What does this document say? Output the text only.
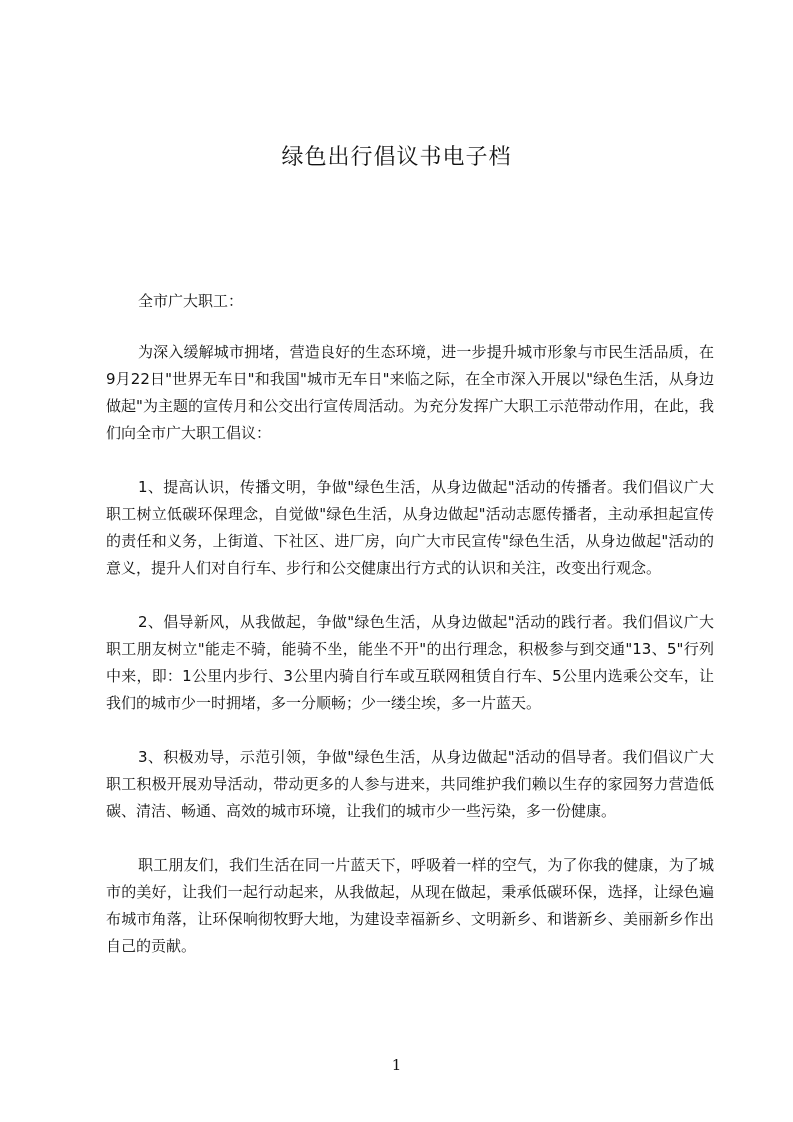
绿色出行倡议书电子档

全市广大职工：

为深入缓解城市拥堵，营造良好的生态环境，进一步提升城市形象与市民生活品质，在9月22日"世界无车日"和我国"城市无车日"来临之际，在全市深入开展以"绿色生活，从身边做起"为主题的宣传月和公交出行宣传周活动。为充分发挥广大职工示范带动作用，在此，我们向全市广大职工倡议：

1、提高认识，传播文明，争做"绿色生活，从身边做起"活动的传播者。我们倡议广大职工树立低碳环保理念，自觉做"绿色生活，从身边做起"活动志愿传播者，主动承担起宣传的责任和义务，上街道、下社区、进厂房，向广大市民宣传"绿色生活，从身边做起"活动的意义，提升人们对自行车、步行和公交健康出行方式的认识和关注，改变出行观念。

2、倡导新风，从我做起，争做"绿色生活，从身边做起"活动的践行者。我们倡议广大职工朋友树立"能走不骑，能骑不坐，能坐不开"的出行理念，积极参与到交通"13、5"行列中来，即：1公里内步行、3公里内骑自行车或互联网租赁自行车、5公里内选乘公交车，让我们的城市少一时拥堵，多一分顺畅；少一缕尘埃，多一片蓝天。

3、积极劝导，示范引领，争做"绿色生活，从身边做起"活动的倡导者。我们倡议广大职工积极开展劝导活动，带动更多的人参与进来，共同维护我们赖以生存的家园努力营造低碳、清洁、畅通、高效的城市环境，让我们的城市少一些污染，多一份健康。

职工朋友们，我们生活在同一片蓝天下，呼吸着一样的空气，为了你我的健康，为了城市的美好，让我们一起行动起来，从我做起，从现在做起，秉承低碳环保，选择，让绿色遍布城市角落，让环保响彻牧野大地，为建设幸福新乡、文明新乡、和谐新乡、美丽新乡作出自己的贡献。

1
